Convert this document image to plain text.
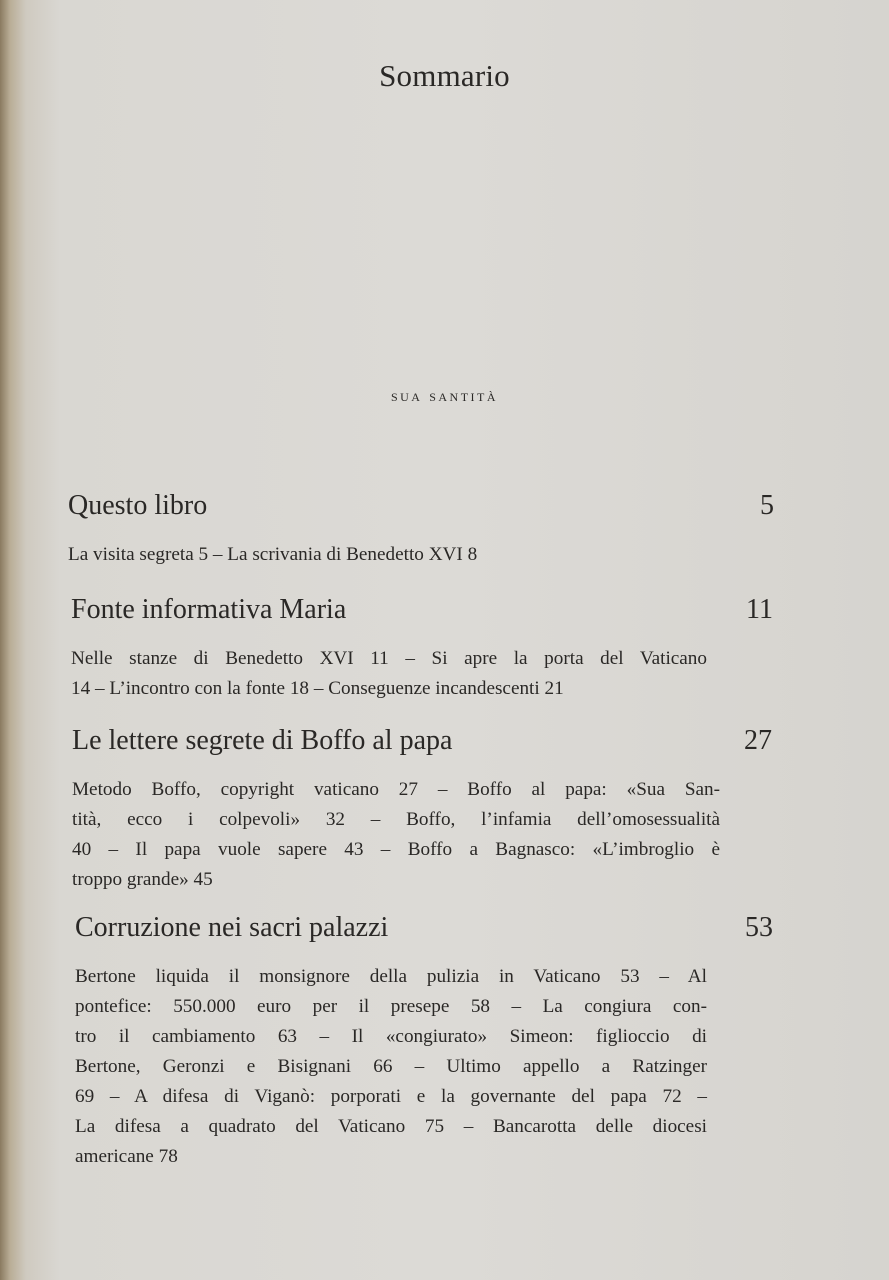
Sommario
sua santità
Questo libro	5
La visita segreta 5 – La scrivania di Benedetto XVI 8
Fonte informativa Maria	11
Nelle stanze di Benedetto XVI 11 – Si apre la porta del Vaticano
14 – L’incontro con la fonte 18 – Conseguenze incandescenti 21
Le lettere segrete di Boffo al papa	27
Metodo Boffo, copyright vaticano 27 – Boffo al papa: «Sua San-
tità, ecco i colpevoli» 32 – Boffo, l’infamia dell’omosessualità
40 – Il papa vuole sapere 43 – Boffo a Bagnasco: «L’imbroglio è
troppo grande» 45
Corruzione nei sacri palazzi	53
Bertone liquida il monsignore della pulizia in Vaticano 53 – Al
pontefice: 550.000 euro per il presepe 58 – La congiura con-
tro il cambiamento 63 – Il «congiurato» Simeon: figlioccio di
Bertone, Geronzi e Bisignani 66 – Ultimo appello a Ratzinger
69 – A difesa di Viganò: porporati e la governante del papa 72 –
La difesa a quadrato del Vaticano 75 – Bancarotta delle diocesi
americane 78
